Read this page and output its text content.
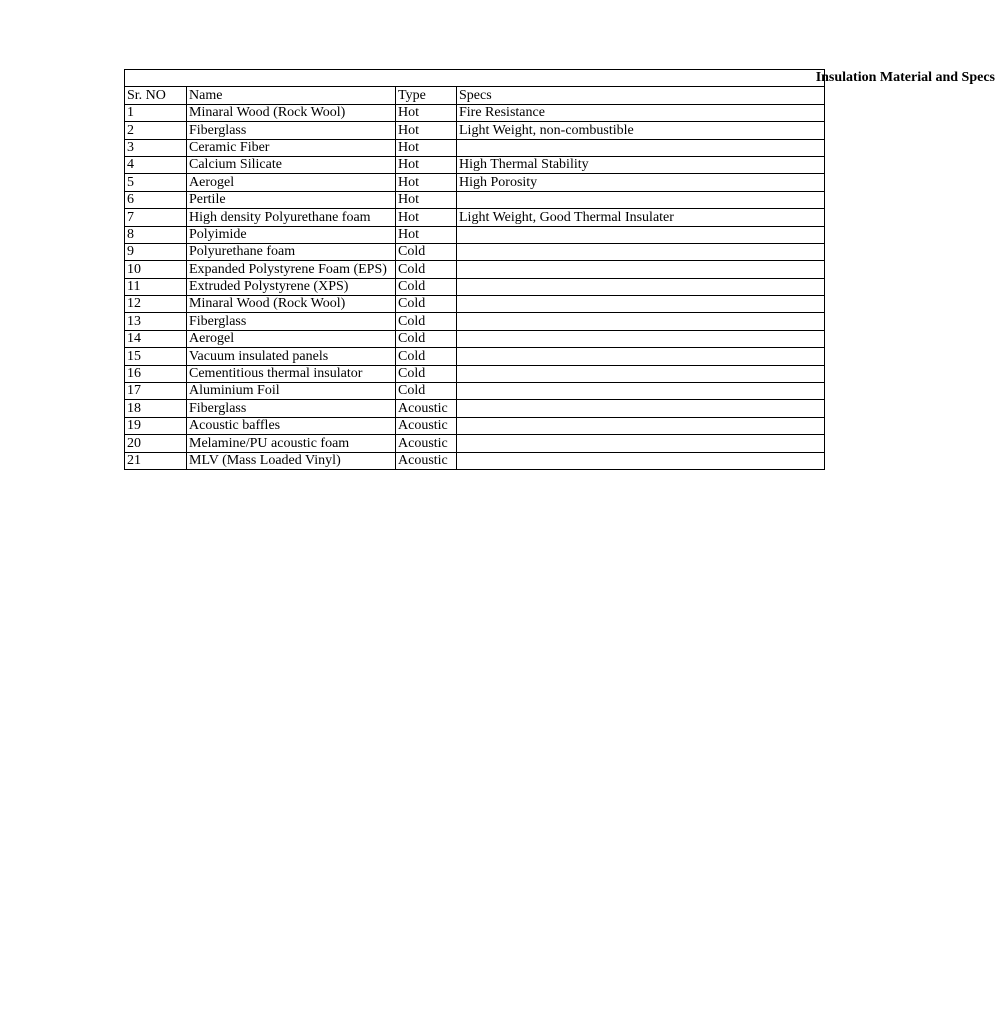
Insulation Material and Specs			
Sr. NO	Name	Type	Specs
1	Minaral Wood (Rock Wool)	Hot	Fire Resistance
2	Fiberglass	Hot	Light Weight, non-combustible
3	Ceramic Fiber	Hot	
4	Calcium Silicate	Hot	High Thermal Stability
5	Aerogel	Hot	High Porosity
6	Pertile	Hot	
7	High density Polyurethane foam	Hot	Light Weight, Good Thermal Insulater
8	Polyimide	Hot	
9	Polyurethane foam	Cold	
10	Expanded Polystyrene Foam (EPS)	Cold	
11	Extruded Polystyrene (XPS)	Cold	
12	Minaral Wood (Rock Wool)	Cold	
13	Fiberglass	Cold	
14	Aerogel	Cold	
15	Vacuum insulated panels	Cold	
16	Cementitious thermal insulator	Cold	
17	Aluminium Foil	Cold	
18	Fiberglass	Acoustic	
19	Acoustic baffles	Acoustic	
20	Melamine/PU acoustic foam	Acoustic	
21	MLV (Mass Loaded Vinyl)	Acoustic	
